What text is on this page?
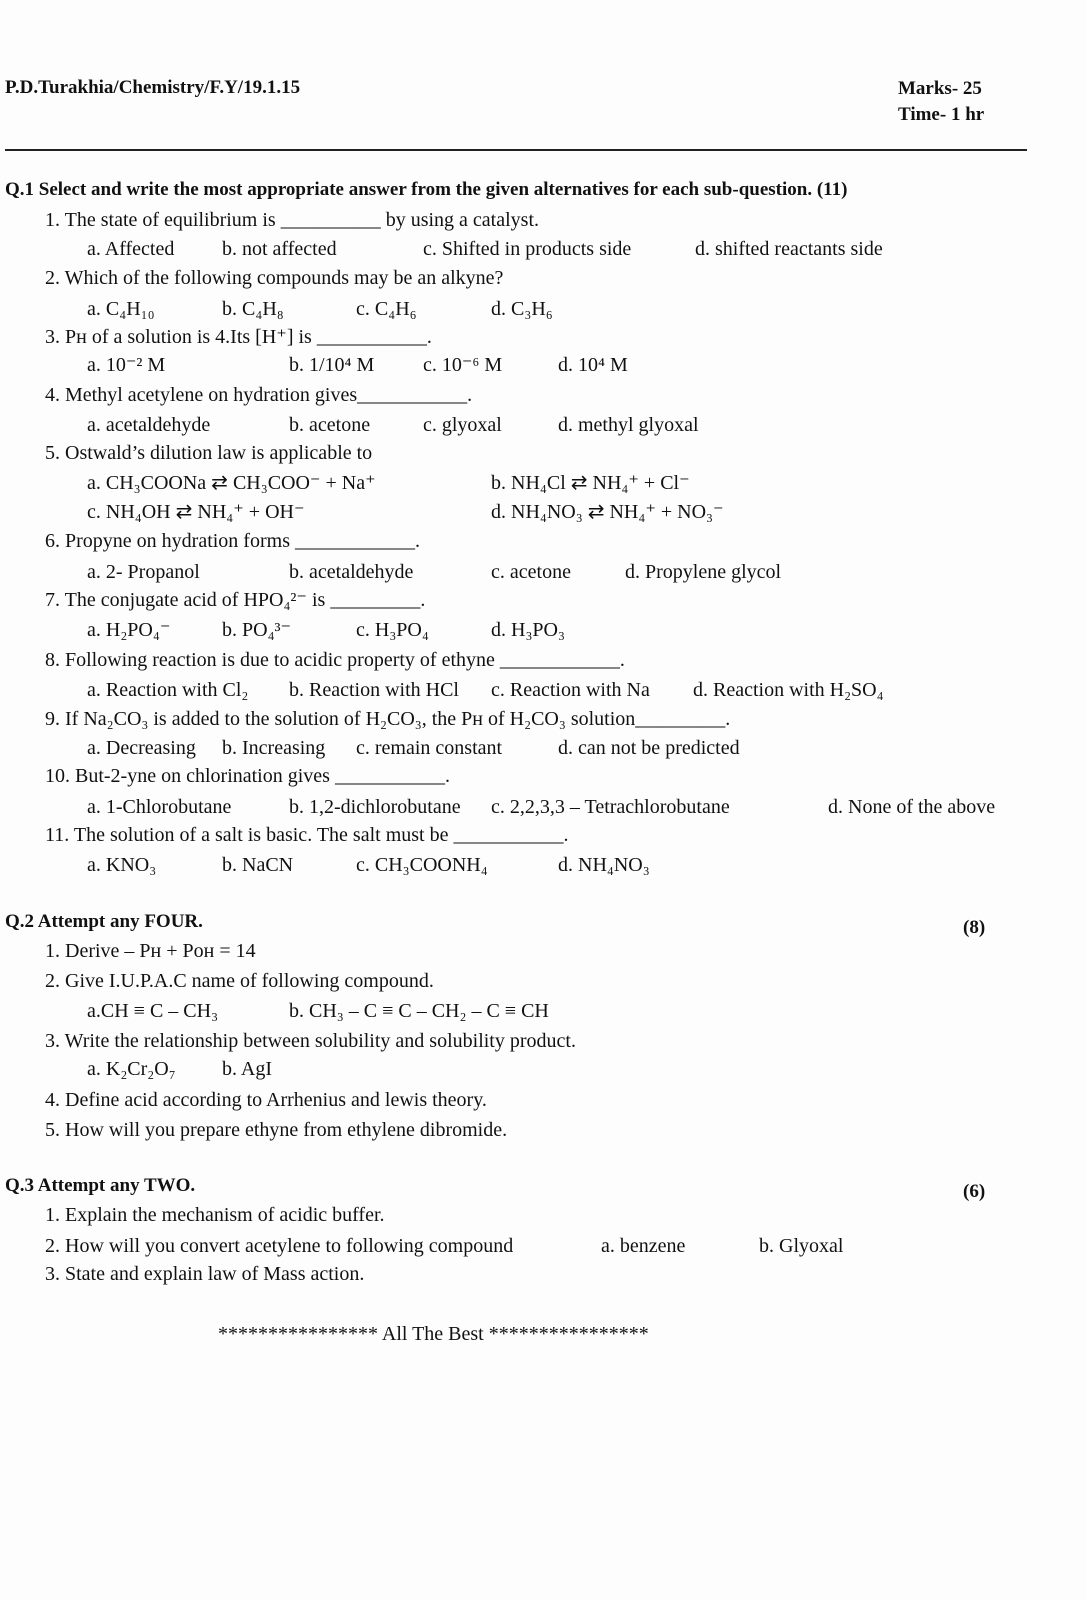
P.D.Turakhia/Chemistry/F.Y/19.1.15	Marks- 25
Time- 1 hr
Q.1 Select and write the most appropriate answer from the given alternatives for each sub-question. (11)
1. The state of equilibrium is __________ by using a catalyst.
a. Affected b. not affected	c. Shifted in products side	d. shifted reactants side
2. Which of the following compounds may be an alkyne?
a. C₄H₁₀	b. C₄H₈	c. C₄H₆	d. C₃H₆
3. Pʜ of a solution is 4.Its [H⁺] is ___________.
a. 10⁻² M	b. 1/10⁴ M c. 10⁻⁶ M	d. 10⁴ M
4. Methyl acetylene on hydration gives___________.
a. acetaldehyde	b. acetone	c. glyoxal	d. methyl glyoxal
5. Ostwald’s dilution law is applicable to
a. CH₃COONa ⇄ CH₃COO⁻ + Na⁺	b. NH₄Cl ⇄ NH₄⁺ + Cl⁻
c. NH₄OH ⇄ NH₄⁺ + OH⁻	d. NH₄NO₃ ⇄ NH₄⁺ + NO₃⁻
6. Propyne on hydration forms ____________.
a. 2- Propanol	b. acetaldehyde	c. acetone	d. Propylene glycol
7. The conjugate acid of HPO₄²⁻ is _________.
a. H₂PO₄⁻	b. PO₄³⁻	c. H₃PO₄	d. H₃PO₃
8. Following reaction is due to acidic property of ethyne ____________.
a. Reaction with Cl₂ b. Reaction with HCl c. Reaction with Na d. Reaction with H₂SO₄
9. If Na₂CO₃ is added to the solution of H₂CO₃, the Pʜ of H₂CO₃ solution_________.
a. Decreasing b. Increasing c. remain constant	d. can not be predicted
10. But-2-yne on chlorination gives ___________.
a. 1-Chlorobutane	b. 1,2-dichlorobutane c. 2,2,3,3 – Tetrachlorobutane	d. None of the above
11. The solution of a salt is basic. The salt must be ___________.
a. KNO₃	b. NaCN	c. CH₃COONH₄	d. NH₄NO₃
Q.2 Attempt any FOUR.	(8)
1. Derive – Pʜ + Pᴏʜ = 14
2. Give I.U.P.A.C name of following compound.
a.CH ≡ C – CH₃	b. CH₃ – C ≡ C – CH₂ – C ≡ CH
3. Write the relationship between solubility and solubility product.
a. K₂Cr₂O₇ b. AgI
4. Define acid according to Arrhenius and lewis theory.
5. How will you prepare ethyne from ethylene dibromide.
Q.3 Attempt any TWO.	(6)
1. Explain the mechanism of acidic buffer.
2. How will you convert acetylene to following compound	a. benzene	b. Glyoxal
3. State and explain law of Mass action.
**************** All The Best ****************
